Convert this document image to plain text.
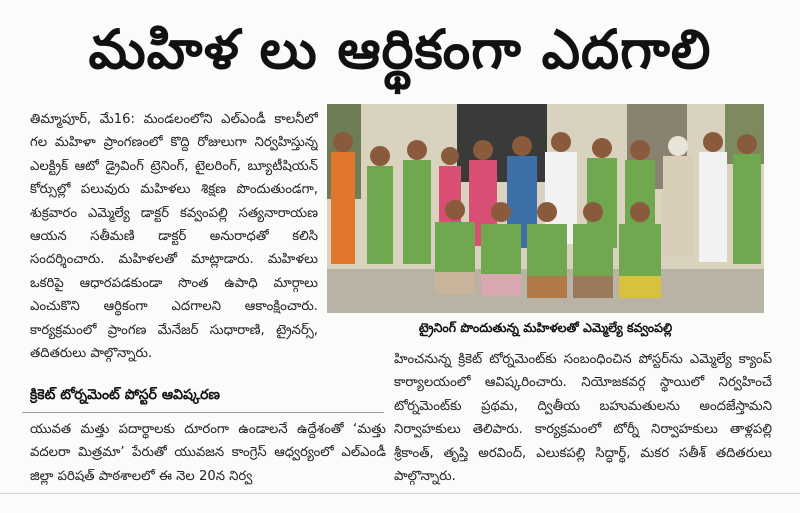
మహిళ లు ఆర్థికంగా ఎదగాలి
తిమ్మాపూర్‌, మే16: మండలంలోని ఎల్‌ఎండీ కాలనీలో గల మహిళా ప్రాంగణంలో కొద్ది రోజులుగా నిర్వహిస్తున్న ఎలక్ట్రిక్‌ ఆటో డ్రైవింగ్‌ ట్రెనింగ్‌, టైలరింగ్‌, బ్యూటీషియన్‌ కోర్సుల్లో పలువురు మహిళలు శిక్షణ పొందుతుండగా, శుక్రవారం ఎమ్మెల్యే డాక్టర్‌ కవ్వంపల్లి సత్యనారాయణ ఆయన సతీమణి డాక్టర్‌ అనురాధతో కలిసి సందర్శించారు. మహిళలతో మాట్లాడారు. మహిళలు ఒకరిపై ఆధారపడకుండా సొంత ఉపాధి మార్గాలు ఎంచుకొని ఆర్థికంగా ఎదగాలని ఆకాంక్షించారు. కార్యక్రమంలో ప్రాంగణ మేనేజర్‌ సుధారాణి, ట్రైనర్స్‌, తదితరులు పాల్గొన్నారు.
ట్రైనింగ్‌ పొందుతున్న మహిళలతో ఎమ్మెల్యే కవ్వంపల్లి
క్రికెట్‌ టోర్నమెంట్‌ పోస్టర్‌ ఆవిష్కరణ
యువత మత్తు పదార్థాలకు దూరంగా ఉండాలనే ఉద్దేశంతో ‘మత్తు వదలరా మిత్రమా’ పేరుతో యువజన కాంగ్రెస్‌ ఆధ్వర్యంలో ఎల్‌ఎండీ జిల్లా పరిషత్‌ పాఠశాలలో ఈ నెల 20న నిర్వ
హించనున్న క్రికెట్‌ టోర్నమెంట్‌కు సంబంధించిన పోస్టర్‌ను ఎమ్మెల్యే క్యాంప్‌ కార్యాలయంలో ఆవిష్కరించారు. నియోజకవర్గ స్థాయిలో నిర్వహించే టోర్నమెంట్‌కు ప్రథమ, ద్వితీయ బహుమతులను అందజేస్తామని నిర్వాహకులు తెలిపారు. కార్యక్రమంలో టోర్నీ నిర్వాహకులు తాళ్లపల్లి శ్రీకాంత్‌, తృప్తి అరవింద్‌, ఎలుకపల్లి సిద్ధార్థ్‌, మకర సతీశ్‌ తదితరులు పాల్గొన్నారు.
